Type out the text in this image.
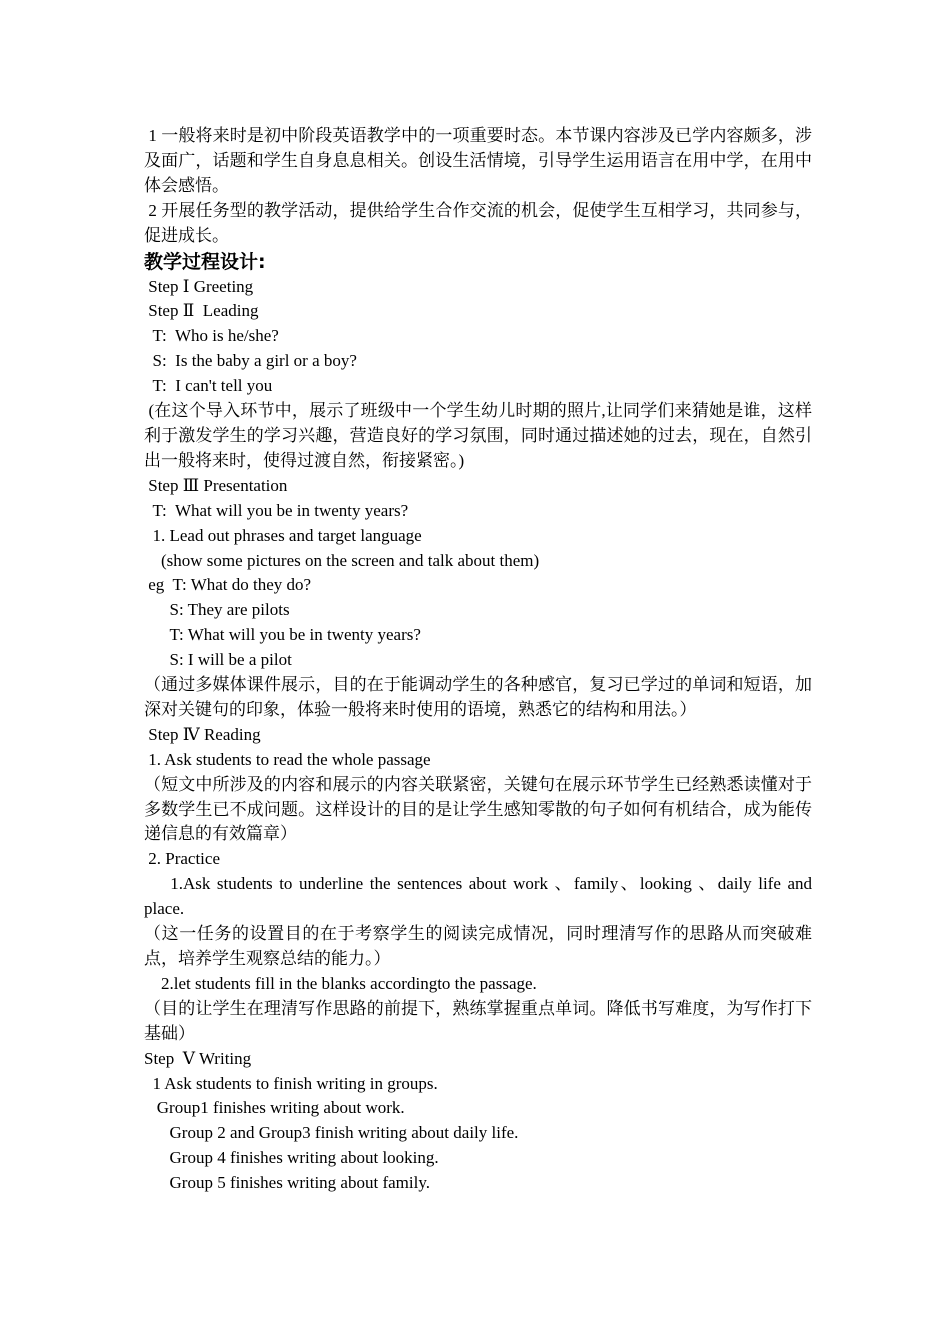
1 一般将来时是初中阶段英语教学中的一项重要时态。本节课内容涉及已学内容颇多，涉及面广，话题和学生自身息息相关。创设生活情境，引导学生运用语言在用中学，在用中体会感悟。

2 开展任务型的教学活动，提供给学生合作交流的机会，促使学生互相学习，共同参与，促进成长。

教学过程设计:

Step Ⅰ Greeting

Step Ⅱ  Leading

T:  Who is he/she?

S:  Is the baby a girl or a boy?

T:  I can't tell you

(在这个导入环节中，展示了班级中一个学生幼儿时期的照片,让同学们来猜她是谁，这样利于激发学生的学习兴趣，营造良好的学习氛围，同时通过描述她的过去，现在，自然引出一般将来时，使得过渡自然，衔接紧密。)

Step Ⅲ Presentation

T:  What will you be in twenty years?

1. Lead out phrases and target language

(show some pictures on the screen and talk about them)

eg  T: What do they do?

S: They are pilots

T: What will you be in twenty years?

S: I will be a pilot

（通过多媒体课件展示，目的在于能调动学生的各种感官，复习已学过的单词和短语，加深对关键句的印象，体验一般将来时使用的语境，熟悉它的结构和用法。）

Step Ⅳ Reading

1. Ask students to read the whole passage

（短文中所涉及的内容和展示的内容关联紧密，关键句在展示环节学生已经熟悉读懂对于多数学生已不成问题。这样设计的目的是让学生感知零散的句子如何有机结合，成为能传递信息的有效篇章）

2. Practice

1.Ask students to underline the sentences about work 、family、looking 、daily life and place.

（这一任务的设置目的在于考察学生的阅读完成情况，同时理清写作的思路从而突破难点，培养学生观察总结的能力。）

2.let students fill in the blanks accordingto the passage.

（目的让学生在理清写作思路的前提下，熟练掌握重点单词。降低书写难度，为写作打下基础）

Step  Ⅴ Writing

1 Ask students to finish writing in groups.

Group1 finishes writing about work.

Group 2 and Group3 finish writing about daily life.

Group 4 finishes writing about looking.

Group 5 finishes writing about family.
